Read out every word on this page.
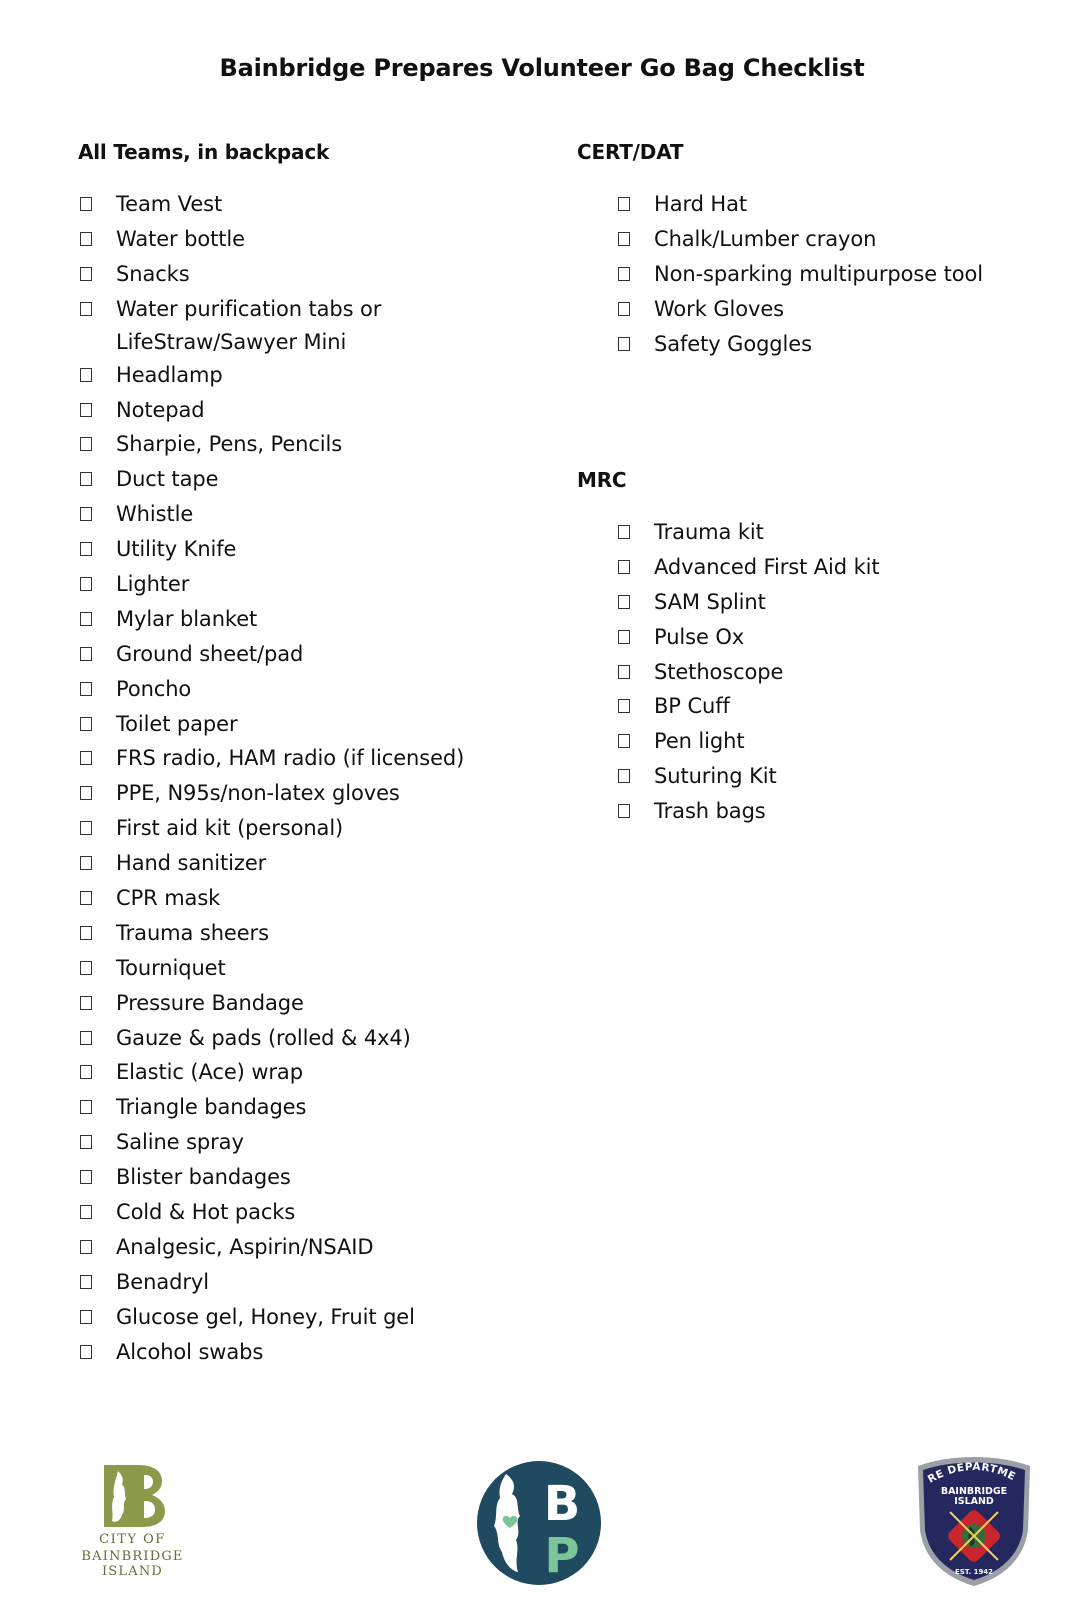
Bainbridge Prepares Volunteer Go Bag Checklist
All Teams, in backpack
Team Vest
Water bottle
Snacks
Water purification tabs or
LifeStraw/Sawyer Mini
Headlamp
Notepad
Sharpie, Pens, Pencils
Duct tape
Whistle
Utility Knife
Lighter
Mylar blanket
Ground sheet/pad
Poncho
Toilet paper
FRS radio, HAM radio (if licensed)
PPE, N95s/non-latex gloves
First aid kit (personal)
Hand sanitizer
CPR mask
Trauma sheers
Tourniquet
Pressure Bandage
Gauze & pads (rolled & 4x4)
Elastic (Ace) wrap
Triangle bandages
Saline spray
Blister bandages
Cold & Hot packs
Analgesic, Aspirin/NSAID
Benadryl
Glucose gel, Honey, Fruit gel
Alcohol swabs
CERT/DAT
Hard Hat
Chalk/Lumber crayon
Non-sparking multipurpose tool
Work Gloves
Safety Goggles
MRC
Trauma kit
Advanced First Aid kit
SAM Splint
Pulse Ox
Stethoscope
BP Cuff
Pen light
Suturing Kit
Trash bags
CITY OF
BAINBRIDGE ISLAND
B
P
RE DEPARTME
BAINBRIDGE
ISLAND
EST. 1942
